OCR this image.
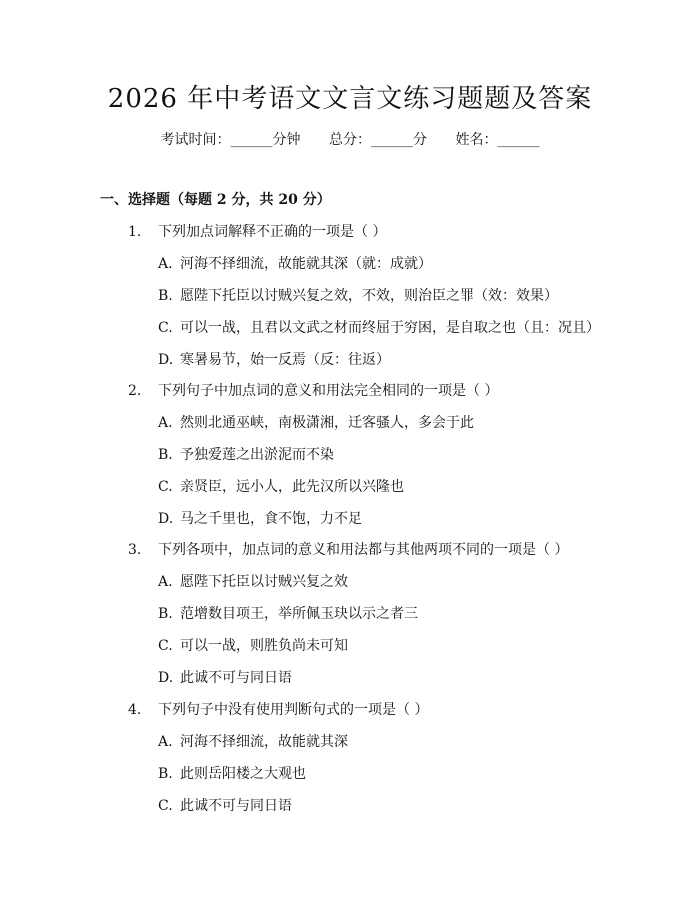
2026 年中考语文文言文练习题题及答案
考试时间：______分钟 总分：______分 姓名：______
一、选择题（每题 2 分，共 20 分）
1. 下列加点词解释不正确的一项是（ ）
A. 河海不择细流，故能就其深（就：成就）
B. 愿陛下托臣以讨贼兴复之效，不效，则治臣之罪（效：效果）
C. 可以一战，且君以文武之材而终屈于穷困，是自取之也（且：况且）
D. 寒暑易节，始一反焉（反：往返）
2. 下列句子中加点词的意义和用法完全相同的一项是（ ）
A. 然则北通巫峡，南极潇湘，迁客骚人，多会于此
B. 予独爱莲之出淤泥而不染
C. 亲贤臣，远小人，此先汉所以兴隆也
D. 马之千里也，食不饱，力不足
3. 下列各项中，加点词的意义和用法都与其他两项不同的一项是（ ）
A. 愿陛下托臣以讨贼兴复之效
B. 范增数目项王，举所佩玉玦以示之者三
C. 可以一战，则胜负尚未可知
D. 此诚不可与同日语
4. 下列句子中没有使用判断句式的一项是（ ）
A. 河海不择细流，故能就其深
B. 此则岳阳楼之大观也
C. 此诚不可与同日语
